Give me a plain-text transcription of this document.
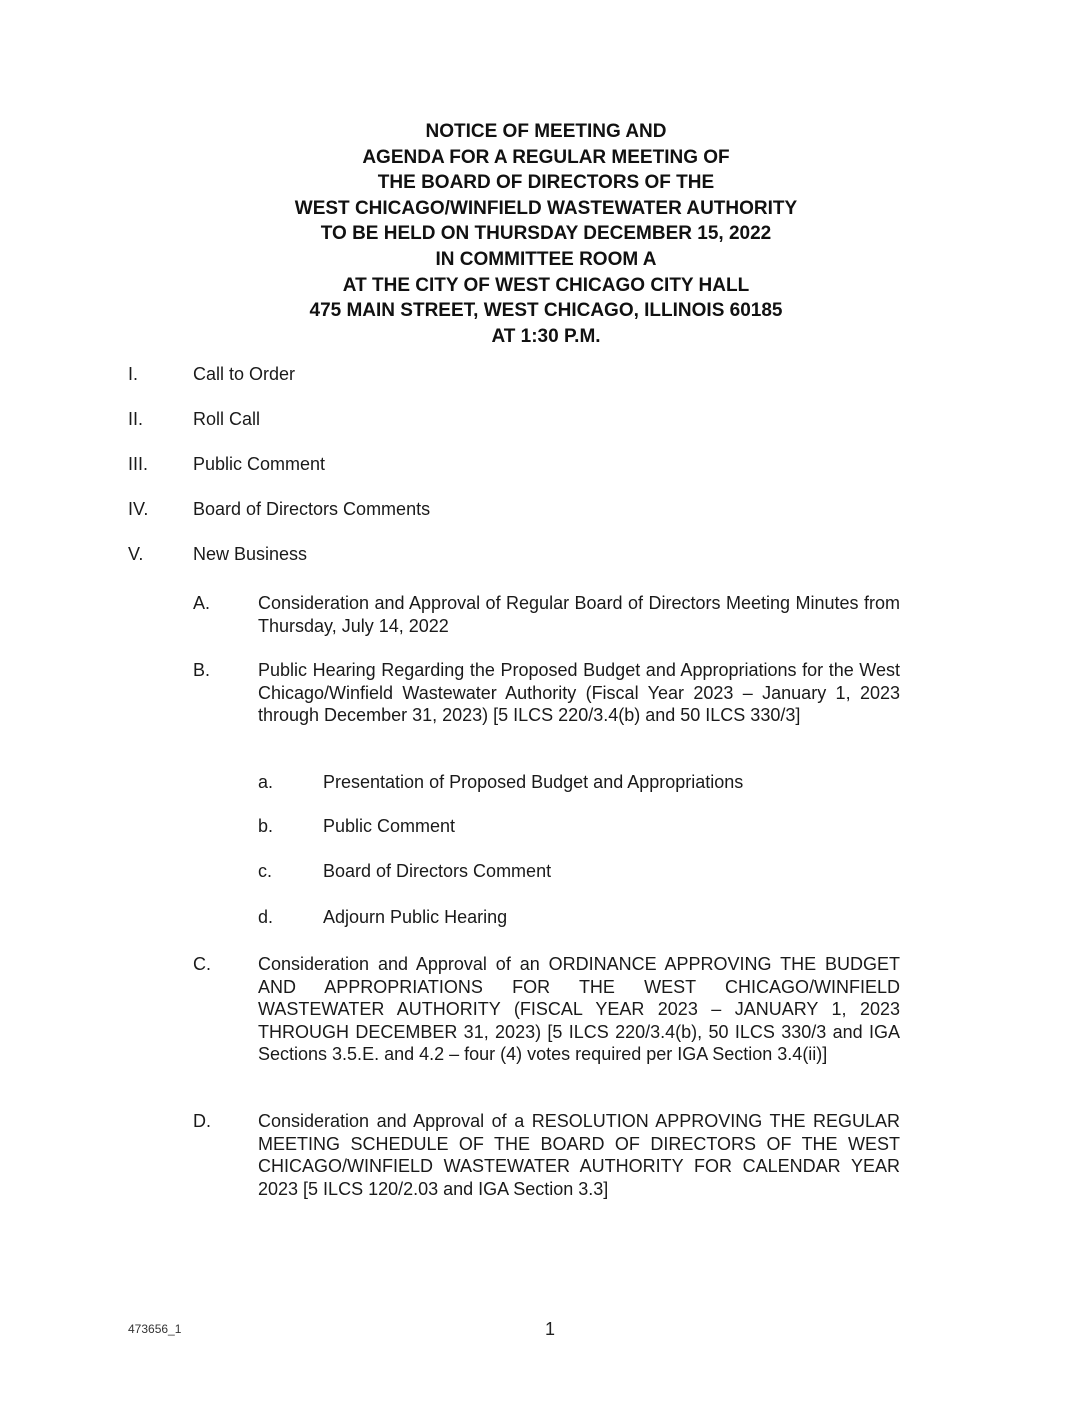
NOTICE OF MEETING AND
AGENDA FOR A REGULAR MEETING OF
THE BOARD OF DIRECTORS OF THE
WEST CHICAGO/WINFIELD WASTEWATER AUTHORITY
TO BE HELD ON THURSDAY DECEMBER 15, 2022
IN COMMITTEE ROOM A
AT THE CITY OF WEST CHICAGO CITY HALL
475 MAIN STREET, WEST CHICAGO, ILLINOIS 60185
AT 1:30 P.M.
I.	Call to Order
II.	Roll Call
III. Public Comment
IV. Board of Directors Comments
V.	New Business
A.	Consideration and Approval of Regular Board of Directors Meeting Minutes from Thursday, July 14, 2022
B.	Public Hearing Regarding the Proposed Budget and Appropriations for the West Chicago/Winfield Wastewater Authority (Fiscal Year 2023 – January 1, 2023 through December 31, 2023) [5 ILCS 220/3.4(b) and 50 ILCS 330/3]
a.	Presentation of Proposed Budget and Appropriations
b.	Public Comment
c.	Board of Directors Comment
d.	Adjourn Public Hearing
C.	Consideration and Approval of an ORDINANCE APPROVING THE BUDGET AND APPROPRIATIONS FOR THE WEST CHICAGO/WINFIELD WASTEWATER AUTHORITY (FISCAL YEAR 2023 – JANUARY 1, 2023 THROUGH DECEMBER 31, 2023) [5 ILCS 220/3.4(b), 50 ILCS 330/3 and IGA Sections 3.5.E. and 4.2 – four (4) votes required per IGA Section 3.4(ii)]
D.	Consideration and Approval of a RESOLUTION APPROVING THE REGULAR MEETING SCHEDULE OF THE BOARD OF DIRECTORS OF THE WEST CHICAGO/WINFIELD WASTEWATER AUTHORITY FOR CALENDAR YEAR 2023 [5 ILCS 120/2.03 and IGA Section 3.3]
473656_1	1
